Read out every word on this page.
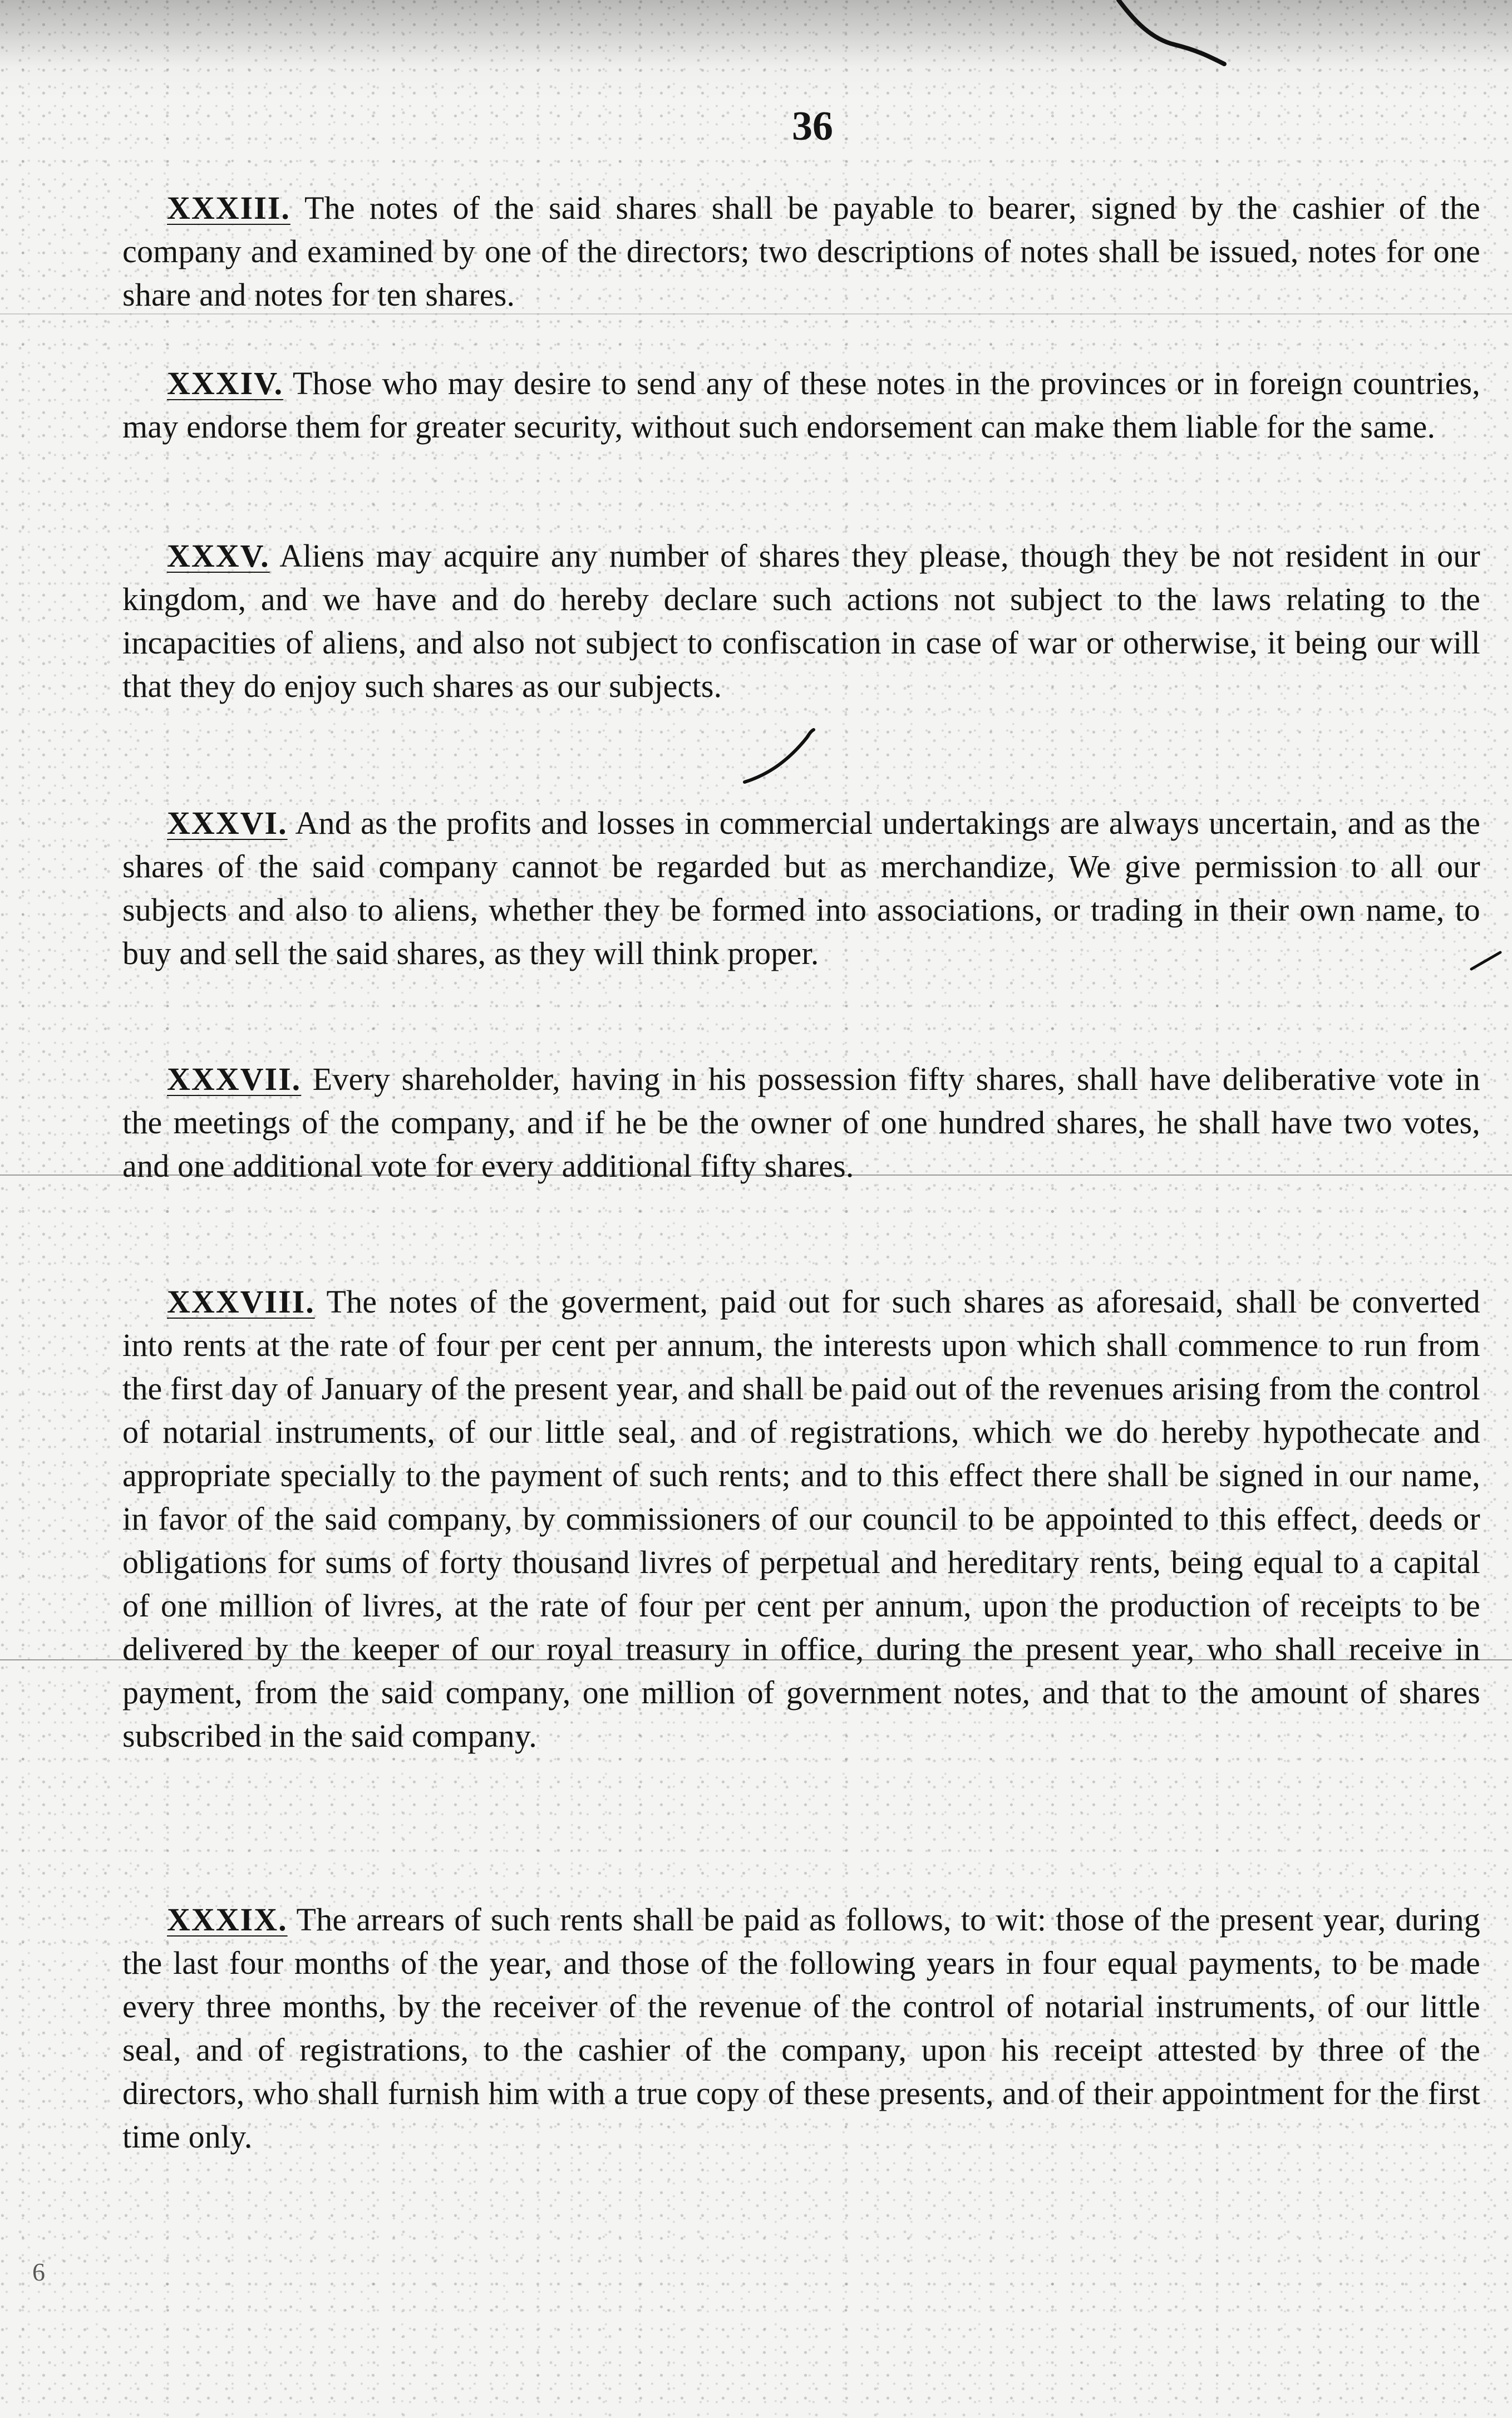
36

XXXIII. The notes of the said shares shall be payable to bearer, signed by the cashier of the company and examined by one of the directors; two descriptions of notes shall be issued, notes for one share and notes for ten shares.

XXXIV. Those who may desire to send any of these notes in the provinces or in foreign countries, may endorse them for greater security, without such endorsement can make them liable for the same.

XXXV. Aliens may acquire any number of shares they please, though they be not resident in our kingdom, and we have and do hereby declare such actions not subject to the laws relating to the incapacities of aliens, and also not subject to confiscation in case of war or otherwise, it being our will that they do enjoy such shares as our subjects.

XXXVI. And as the profits and losses in commercial undertakings are always uncertain, and as the shares of the said company cannot be regarded but as merchandize, We give permission to all our subjects and also to aliens, whether they be formed into associations, or trading in their own name, to buy and sell the said shares, as they will think proper.

XXXVII. Every shareholder, having in his possession fifty shares, shall have deliberative vote in the meetings of the company, and if he be the owner of one hundred shares, he shall have two votes, and one additional vote for every additional fifty shares.

XXXVIII. The notes of the goverment, paid out for such shares as aforesaid, shall be converted into rents at the rate of four per cent per annum, the interests upon which shall commence to run from the first day of January of the present year, and shall be paid out of the revenues arising from the control of notarial instruments, of our little seal, and of registrations, which we do hereby hypothecate and appropriate specially to the payment of such rents; and to this effect there shall be signed in our name, in favor of the said company, by commissioners of our council to be appointed to this effect, deeds or obligations for sums of forty thousand livres of perpetual and hereditary rents, being equal to a capital of one million of livres, at the rate of four per cent per annum, upon the production of receipts to be delivered by the keeper of our royal treasury in office, during the present year, who shall receive in payment, from the said company, one million of government notes, and that to the amount of shares subscribed in the said company.

XXXIX. The arrears of such rents shall be paid as follows, to wit: those of the present year, during the last four months of the year, and those of the following years in four equal payments, to be made every three months, by the receiver of the revenue of the control of notarial instruments, of our little seal, and of registrations, to the cashier of the company, upon his receipt attested by three of the directors, who shall furnish him with a true copy of these presents, and of their appointment for the first time only.

6
